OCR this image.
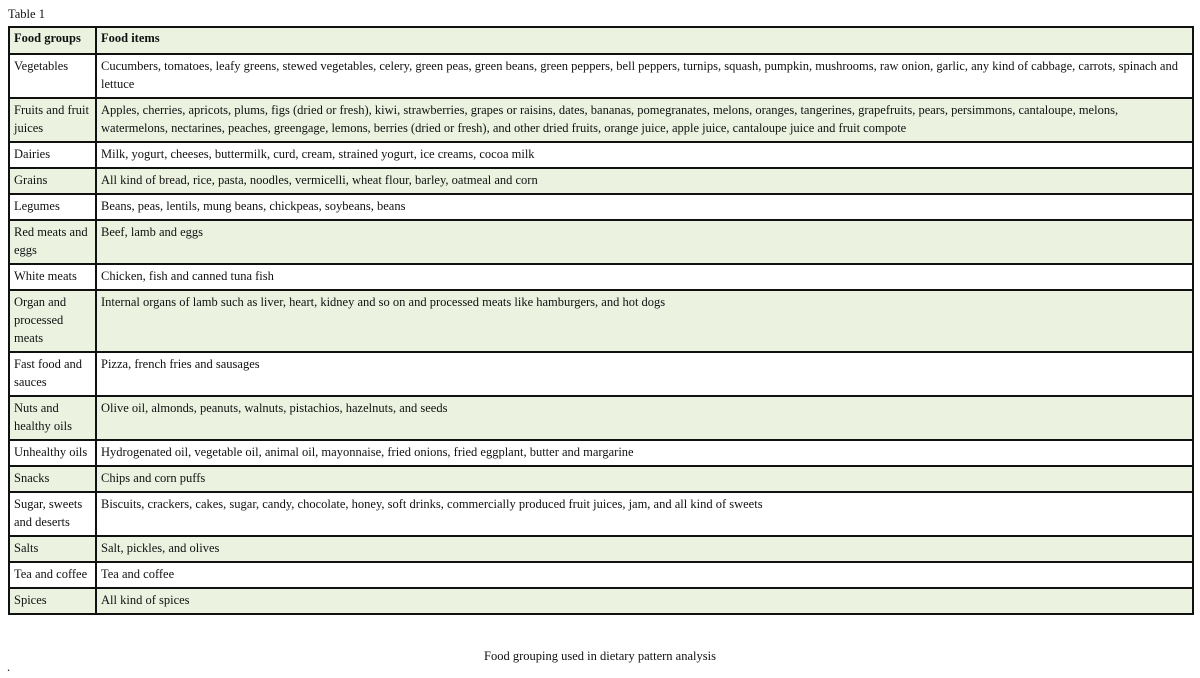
Table 1
Food groups	Food items
Vegetables	Cucumbers, tomatoes, leafy greens, stewed vegetables, celery, green peas, green beans, green peppers, bell peppers, turnips, squash, pumpkin, mushrooms, raw onion, garlic, any kind of cabbage, carrots, spinach and lettuce
Fruits and fruit juices	Apples, cherries, apricots, plums, figs (dried or fresh), kiwi, strawberries, grapes or raisins, dates, bananas, pomegranates, melons, oranges, tangerines, grapefruits, pears, persimmons, cantaloupe, melons, watermelons, nectarines, peaches, greengage, lemons, berries (dried or fresh), and other dried fruits, orange juice, apple juice, cantaloupe juice and fruit compote
Dairies	Milk, yogurt, cheeses, buttermilk, curd, cream, strained yogurt, ice creams, cocoa milk
Grains	All kind of bread, rice, pasta, noodles, vermicelli, wheat flour, barley, oatmeal and corn
Legumes	Beans, peas, lentils, mung beans, chickpeas, soybeans, beans
Red meats and eggs	Beef, lamb and eggs
White meats	Chicken, fish and canned tuna fish
Organ and processed meats	Internal organs of lamb such as liver, heart, kidney and so on and processed meats like hamburgers, and hot dogs
Fast food and sauces	Pizza, french fries and sausages
Nuts and healthy oils	Olive oil, almonds, peanuts, walnuts, pistachios, hazelnuts, and seeds
Unhealthy oils	Hydrogenated oil, vegetable oil, animal oil, mayonnaise, fried onions, fried eggplant, butter and margarine
Snacks	Chips and corn puffs
Sugar, sweets and deserts	Biscuits, crackers, cakes, sugar, candy, chocolate, honey, soft drinks, commercially produced fruit juices, jam, and all kind of sweets
Salts	Salt, pickles, and olives
Tea and coffee	Tea and coffee
Spices	All kind of spices
Food grouping used in dietary pattern analysis
.
